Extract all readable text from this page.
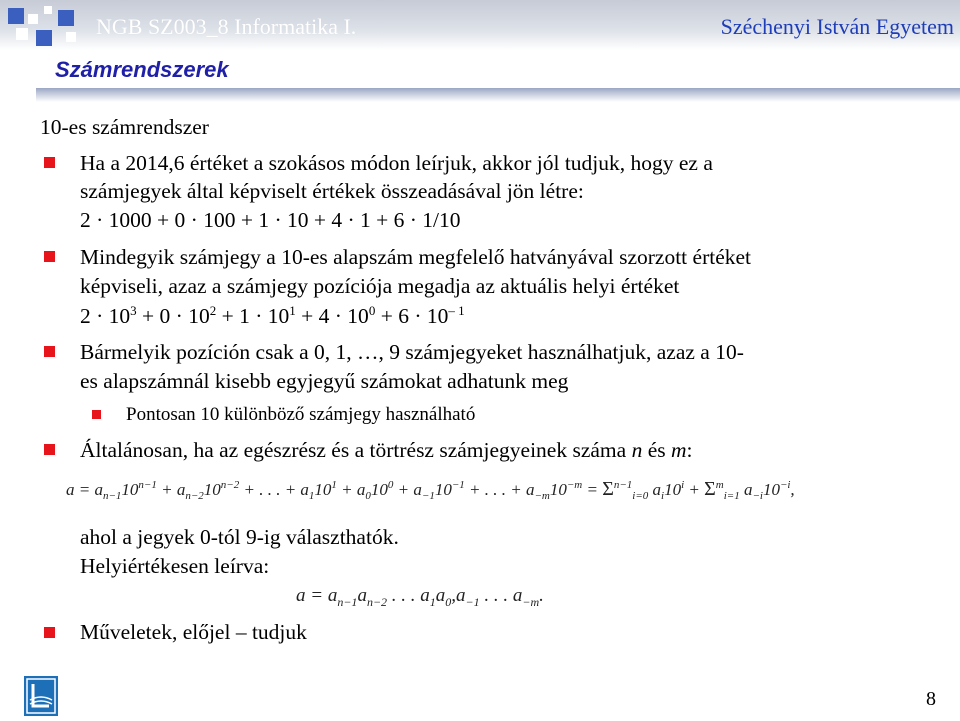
NGB SZ003_8 Informatika I.	Széchenyi István Egyetem
Számrendszerek
10-es számrendszer
Ha a 2014,6 értéket a szokásos módon leírjuk, akkor jól tudjuk, hogy ez a
számjegyek által képviselt értékek összeadásával jön létre:
2 · 1000 + 0 · 100 + 1 · 10 + 4 · 1 + 6 · 1/10
Mindegyik számjegy a 10-es alapszám megfelelő hatványával szorzott értéket
képviseli, azaz a számjegy pozíciója megadja az aktuális helyi értéket
$2 \cdot 10^3 + 0 \cdot 10^2 + 1 \cdot 10^1 + 4 \cdot 10^0 + 6 \cdot 10^{- 1}$
Bármelyik pozíción csak a 0, 1, …, 9 számjegyeket használhatjuk, azaz a 10-
es alapszámnál kisebb egyjegyű számokat adhatunk meg
Pontosan 10 különböző számjegy használható
Általánosan, ha az egészrész és a törtrész számjegyeinek száma n és m:
$a = a_{n-1}10^{n-1} + a_{n-2}10^{n-2}$ + . . . + $a_110^1 + a_010^0 + a_{-1}10^{-1}$ + . . . + $a_{-m}10^{-m} = \Sigma^{n-1}_{i=0}$ $a_i10^i + \Sigma^m_{i=1}$ $a_{-i}10^{-i}$,
ahol a jegyek 0-tól 9-ig választhatók.
Helyiértékesen leírva:
$a = a_{n-1}a_{n-2}$ . . . $a_1a_0,a_{-1}$ . . . $a_{-m}$.
Műveletek, előjel – tudjuk
8
